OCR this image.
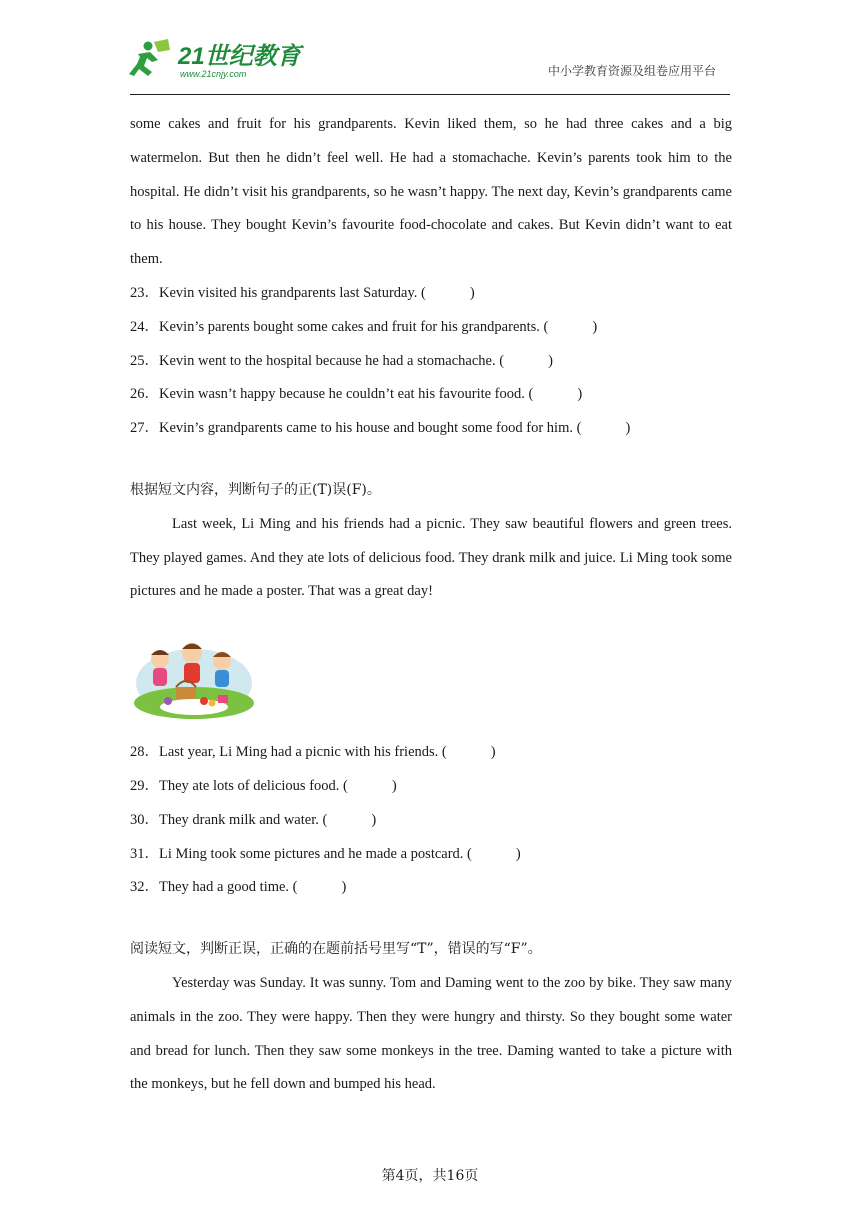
21世纪教育
www.21cnjy.com	中小学教育资源及组卷应用平台

some cakes and fruit for his grandparents. Kevin liked them, so he had three cakes and a big watermelon. But then he didn’t feel well. He had a stomachache. Kevin’s parents took him to the hospital. He didn’t visit his grandparents, so he wasn’t happy. The next day, Kevin’s grandparents came to his house. They bought Kevin’s favourite food-chocolate and cakes. But Kevin didn’t want to eat them.

23．Kevin visited his grandparents last Saturday. (	)
24．Kevin’s parents bought some cakes and fruit for his grandparents. (	)
25．Kevin went to the hospital because he had a stomachache. (	)
26．Kevin wasn’t happy because he couldn’t eat his favourite food. (	)
27．Kevin’s grandparents came to his house and bought some food for him. (	)
根据短文内容，判断句子的正(T)误(F)。

Last week, Li Ming and his friends had a picnic. They saw beautiful flowers and green trees. They played games. And they ate lots of delicious food. They drank milk and juice. Li Ming took some pictures and he made a poster. That was a great day!

28．Last year, Li Ming had a picnic with his friends. (	)
29．They ate lots of delicious food. (	)
30．They drank milk and water. (	)
31．Li Ming took some pictures and he made a postcard. (	)
32．They had a good time. (	)
阅读短文，判断正误，正确的在题前括号里写“T”，错误的写“F”。

Yesterday was Sunday. It was sunny. Tom and Daming went to the zoo by bike. They saw many animals in the zoo. They were happy. Then they were hungry and thirsty. So they bought some water and bread for lunch. Then they saw some monkeys in the tree. Daming wanted to take a picture with the monkeys, but he fell down and bumped his head.

第4页，共16页
